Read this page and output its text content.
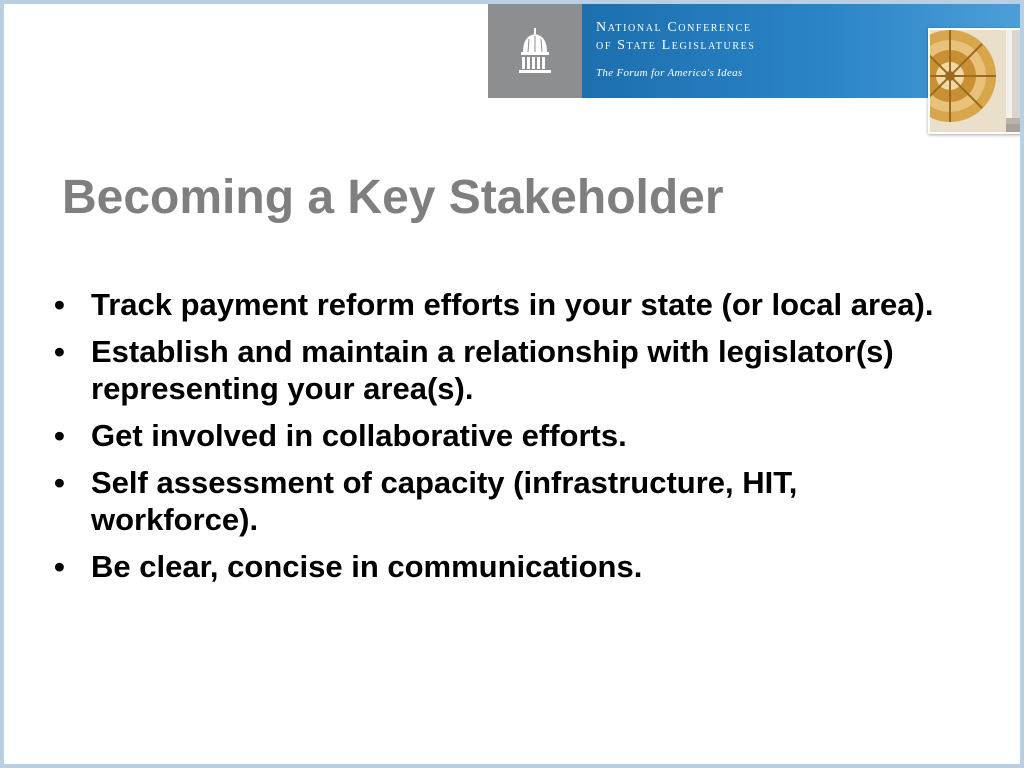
National Conference
of State Legislatures
The Forum for America's Ideas
Becoming a Key Stakeholder
• Track payment reform efforts in your state (or local area).
• Establish and maintain a relationship with legislator(s) representing your area(s).
• Get involved in collaborative efforts.
• Self assessment of capacity (infrastructure, HIT, workforce).
• Be clear, concise in communications.
